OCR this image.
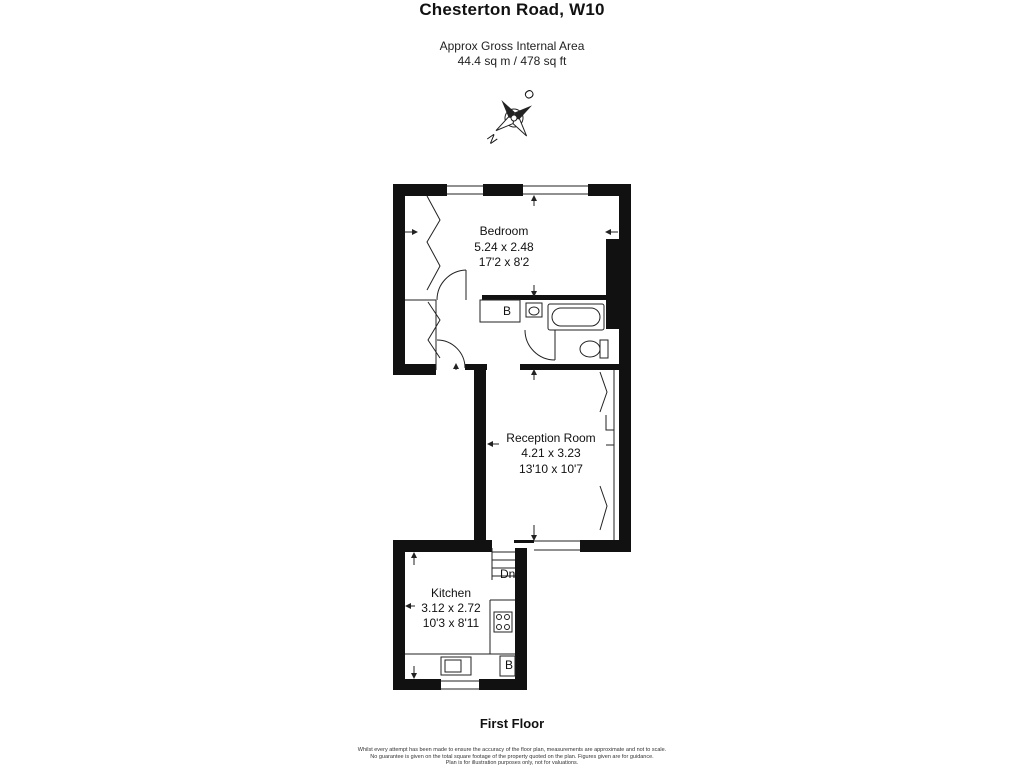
Chesterton Road, W10
Approx Gross Internal Area
44.4 sq m / 478 sq ft
N
O
B
B
Dn
Bedroom
5.24 x 2.48
17'2 x 8'2
Reception Room
4.21 x 3.23
13'10 x 10'7
Kitchen
3.12 x 2.72
10'3 x 8'11
First Floor
Whilst every attempt has been made to ensure the accuracy of the floor plan, measurements are approximate and not to scale.
No guarantee is given on the total square footage of the property quoted on the plan. Figures given are for guidance.
Plan is for illustration purposes only, not for valuations.
